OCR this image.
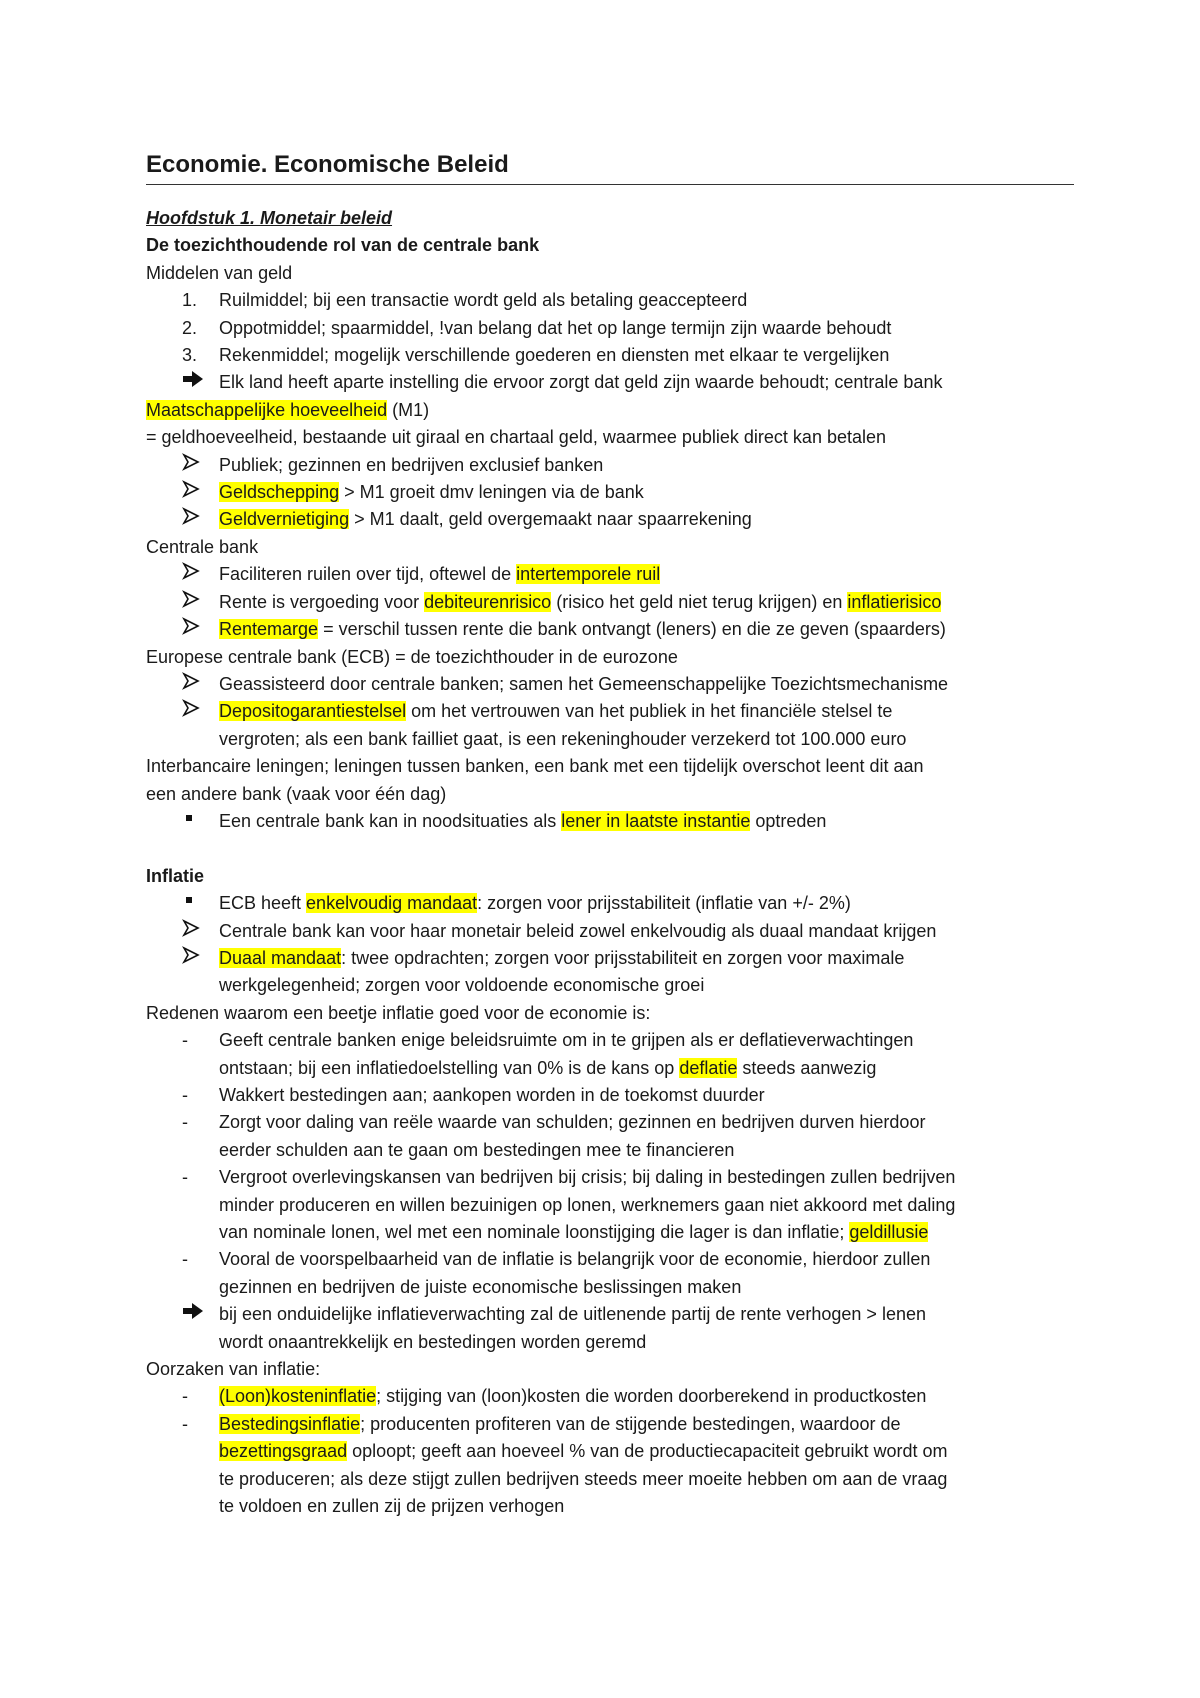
Economie. Economische Beleid
Hoofdstuk 1. Monetair beleid
De toezichthoudende rol van de centrale bank
Middelen van geld
1.	Ruilmiddel; bij een transactie wordt geld als betaling geaccepteerd
2.	Oppotmiddel; spaarmiddel, !van belang dat het op lange termijn zijn waarde behoudt
3.	Rekenmiddel; mogelijk verschillende goederen en diensten met elkaar te vergelijken
Elk land heeft aparte instelling die ervoor zorgt dat geld zijn waarde behoudt; centrale bank
Maatschappelijke hoeveelheid (M1)
= geldhoeveelheid, bestaande uit giraal en chartaal geld, waarmee publiek direct kan betalen
Publiek; gezinnen en bedrijven exclusief banken
Geldschepping > M1 groeit dmv leningen via de bank
Geldvernietiging > M1 daalt, geld overgemaakt naar spaarrekening
Centrale bank
Faciliteren ruilen over tijd, oftewel de intertemporele ruil
Rente is vergoeding voor debiteurenrisico (risico het geld niet terug krijgen) en inflatierisico
Rentemarge = verschil tussen rente die bank ontvangt (leners) en die ze geven (spaarders)
Europese centrale bank (ECB) = de toezichthouder in de eurozone
Geassisteerd door centrale banken; samen het Gemeenschappelijke Toezichtsmechanisme
Depositogarantiestelsel om het vertrouwen van het publiek in het financiële stelsel te
vergroten; als een bank failliet gaat, is een rekeninghouder verzekerd tot 100.000 euro
Interbancaire leningen; leningen tussen banken, een bank met een tijdelijk overschot leent dit aan
een andere bank (vaak voor één dag)
Een centrale bank kan in noodsituaties als lener in laatste instantie optreden
Inflatie
ECB heeft enkelvoudig mandaat: zorgen voor prijsstabiliteit (inflatie van +/- 2%)
Centrale bank kan voor haar monetair beleid zowel enkelvoudig als duaal mandaat krijgen
Duaal mandaat: twee opdrachten; zorgen voor prijsstabiliteit en zorgen voor maximale
werkgelegenheid; zorgen voor voldoende economische groei
Redenen waarom een beetje inflatie goed voor de economie is:
-	Geeft centrale banken enige beleidsruimte om in te grijpen als er deflatieverwachtingen
ontstaan; bij een inflatiedoelstelling van 0% is de kans op deflatie steeds aanwezig
-	Wakkert bestedingen aan; aankopen worden in de toekomst duurder
-	Zorgt voor daling van reële waarde van schulden; gezinnen en bedrijven durven hierdoor
eerder schulden aan te gaan om bestedingen mee te financieren
-	Vergroot overlevingskansen van bedrijven bij crisis; bij daling in bestedingen zullen bedrijven
minder produceren en willen bezuinigen op lonen, werknemers gaan niet akkoord met daling
van nominale lonen, wel met een nominale loonstijging die lager is dan inflatie; geldillusie
-	Vooral de voorspelbaarheid van de inflatie is belangrijk voor de economie, hierdoor zullen
gezinnen en bedrijven de juiste economische beslissingen maken
bij een onduidelijke inflatieverwachting zal de uitlenende partij de rente verhogen > lenen
wordt onaantrekkelijk en bestedingen worden geremd
Oorzaken van inflatie:
-	(Loon)kosteninflatie; stijging van (loon)kosten die worden doorberekend in productkosten
-	Bestedingsinflatie; producenten profiteren van de stijgende bestedingen, waardoor de
bezettingsgraad oploopt; geeft aan hoeveel % van de productiecapaciteit gebruikt wordt om
te produceren; als deze stijgt zullen bedrijven steeds meer moeite hebben om aan de vraag
te voldoen en zullen zij de prijzen verhogen
